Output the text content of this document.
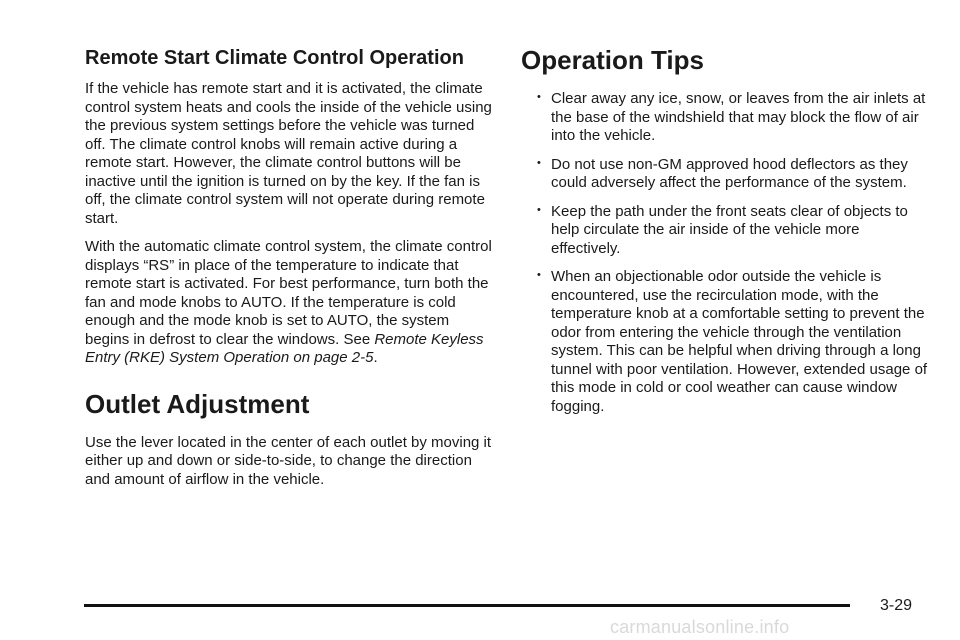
Remote Start Climate Control Operation

If the vehicle has remote start and it is activated, the climate control system heats and cools the inside of the vehicle using the previous system settings before the vehicle was turned off. The climate control knobs will remain active during a remote start. However, the climate control buttons will be inactive until the ignition is turned on by the key. If the fan is off, the climate control system will not operate during remote start.

With the automatic climate control system, the climate control displays “RS” in place of the temperature to indicate that remote start is activated. For best performance, turn both the fan and mode knobs to AUTO. If the temperature is cold enough and the mode knob is set to AUTO, the system begins in defrost to clear the windows. See Remote Keyless Entry (RKE) System Operation on page 2-5.

Outlet Adjustment

Use the lever located in the center of each outlet by moving it either up and down or side-to-side, to change the direction and amount of airflow in the vehicle.

Operation Tips
• Clear away any ice, snow, or leaves from the air inlets at the base of the windshield that may block the flow of air into the vehicle.
• Do not use non-GM approved hood deflectors as they could adversely affect the performance of the system.
• Keep the path under the front seats clear of objects to help circulate the air inside of the vehicle more effectively.
• When an objectionable odor outside the vehicle is encountered, use the recirculation mode, with the temperature knob at a comfortable setting to prevent the odor from entering the vehicle through the ventilation system. This can be helpful when driving through a long tunnel with poor ventilation. However, extended usage of this mode in cold or cool weather can cause window fogging.
3-29
carmanualsonline.info
